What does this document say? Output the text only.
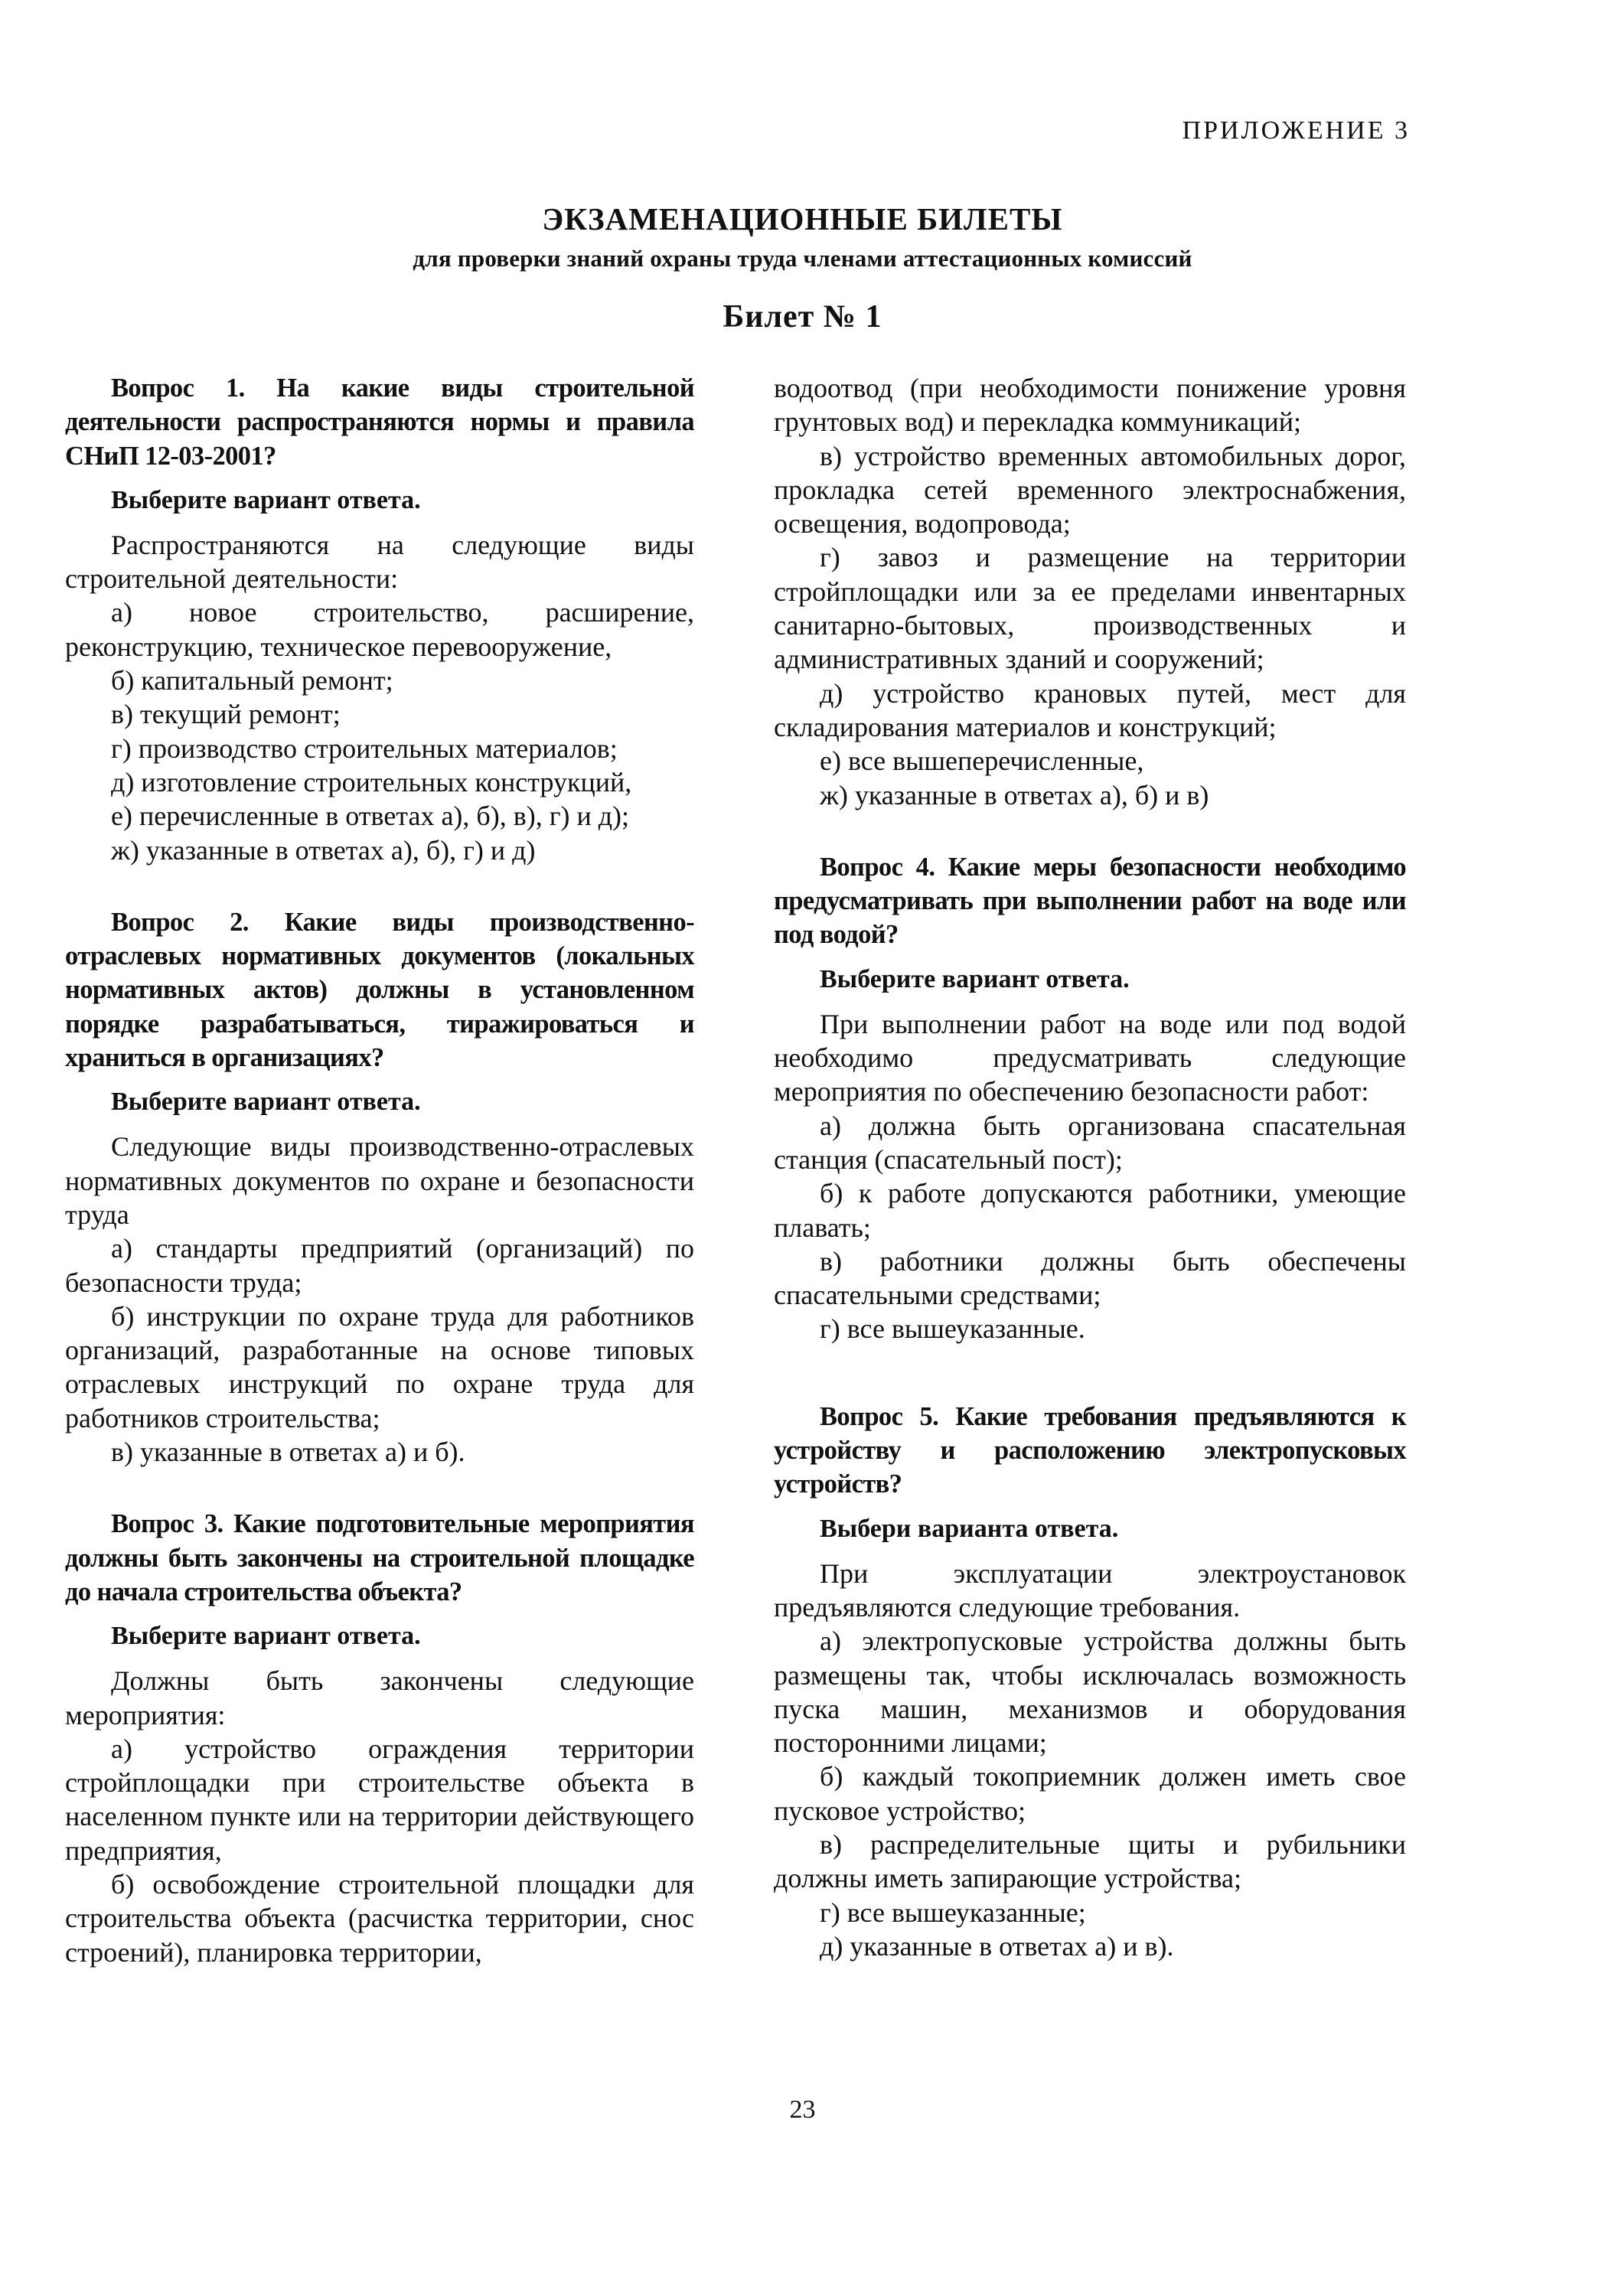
ПРИЛОЖЕНИЕ 3
ЭКЗАМЕНАЦИОННЫЕ БИЛЕТЫ
для проверки знаний охраны труда членами аттестационных комиссий
Билет № 1

Вопрос 1. На какие виды строительной деятельности распространяются нормы и правила СНиП 12-03-2001?

Выберите вариант ответа.

Распространяются на следующие виды строительной деятельности:

а) новое строительство, расширение, реконструкцию, техническое перевооружение,

б) капитальный ремонт;

в) текущий ремонт;

г) производство строительных материалов;

д) изготовление строительных конструкций,

е) перечисленные в ответах а), б), в), г) и д);

ж) указанные в ответах а), б), г) и д)

Вопрос 2. Какие виды производственно-отраслевых нормативных документов (локальных нормативных актов) должны в установленном порядке разрабатываться, тиражироваться и храниться в организациях?

Выберите вариант ответа.

Следующие виды производственно-отраслевых нормативных документов по охране и безопасности труда

а) стандарты предприятий (организаций) по безопасности труда;

б) инструкции по охране труда для работников организаций, разработанные на основе типовых отраслевых инструкций по охране труда для работников строительства;

в) указанные в ответах а) и б).

Вопрос 3. Какие подготовительные мероприятия должны быть закончены на строительной площадке до начала строительства объекта?

Выберите вариант ответа.

Должны быть закончены следующие мероприятия:

а) устройство ограждения территории стройплощадки при строительстве объекта в населенном пункте или на территории действующего предприятия,

б) освобождение строительной площадки для строительства объекта (расчистка территории, снос строений), планировка территории,

водоотвод (при необходимости понижение уровня грунтовых вод) и перекладка коммуникаций;

в) устройство временных автомобильных дорог, прокладка сетей временного электроснабжения, освещения, водопровода;

г) завоз и размещение на территории стройплощадки или за ее пределами инвентарных санитарно-бытовых, производственных и административных зданий и сооружений;

д) устройство крановых путей, мест для складирования материалов и конструкций;

е) все вышеперечисленные,

ж) указанные в ответах а), б) и в)

Вопрос 4. Какие меры безопасности необходимо предусматривать при выполнении работ на воде или под водой?

Выберите вариант ответа.

При выполнении работ на воде или под водой необходимо предусматривать следующие мероприятия по обеспечению безопасности работ:

а) должна быть организована спасательная станция (спасательный пост);

б) к работе допускаются работники, умеющие плавать;

в) работники должны быть обеспечены спасательными средствами;

г) все вышеуказанные.

Вопрос 5. Какие требования предъявляются к устройству и расположению электропусковых устройств?

Выбери варианта ответа.

При эксплуатации электроустановок предъявляются следующие требования.

а) электропусковые устройства должны быть размещены так, чтобы исключалась возможность пуска машин, механизмов и оборудования посторонними лицами;

б) каждый токоприемник должен иметь свое пусковое устройство;

в) распределительные щиты и рубильники должны иметь запирающие устройства;

г) все вышеуказанные;

д) указанные в ответах а) и в).

23
